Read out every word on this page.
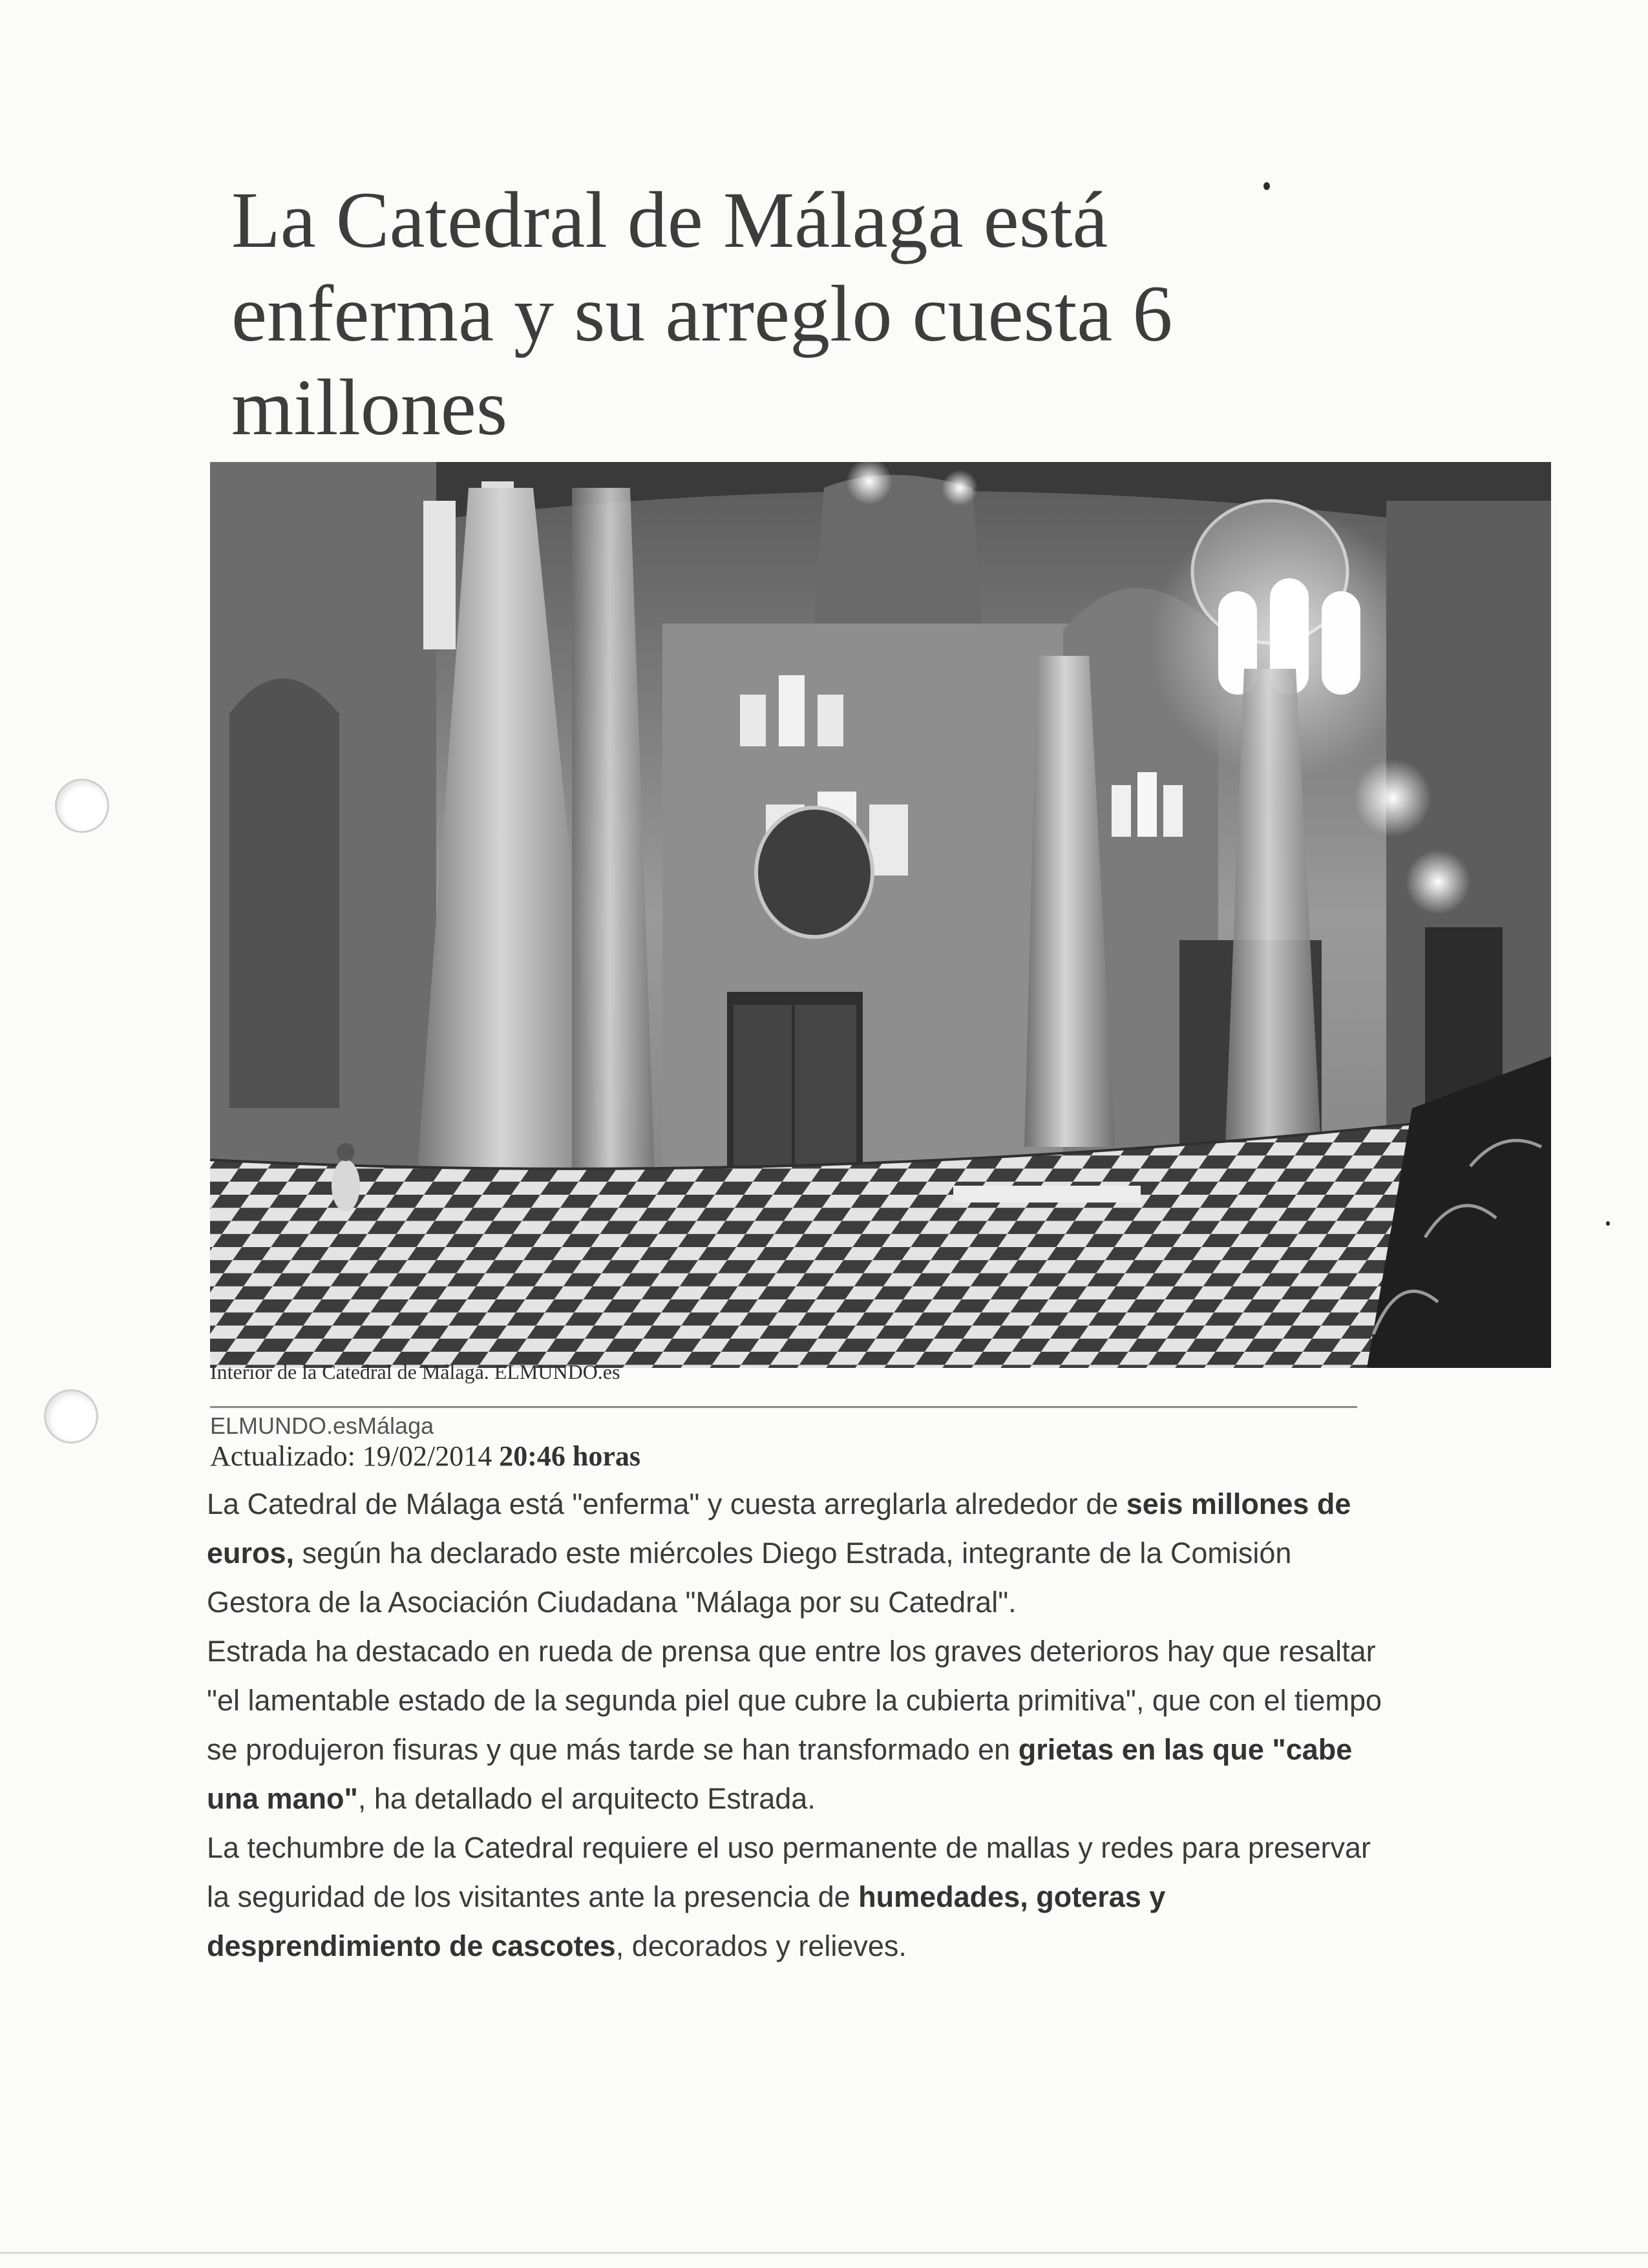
La Catedral de Málaga está enferma y su arreglo cuesta 6 millones
Interior de la Catedral de Málaga. ELMUNDO.es
ELMUNDO.esMálaga
Actualizado: 19/02/2014 20:46 horas

La Catedral de Málaga está "enferma" y cuesta arreglarla alrededor de seis millones de euros, según ha declarado este miércoles Diego Estrada, integrante de la Comisión Gestora de la Asociación Ciudadana "Málaga por su Catedral".

Estrada ha destacado en rueda de prensa que entre los graves deterioros hay que resaltar "el lamentable estado de la segunda piel que cubre la cubierta primitiva", que con el tiempo se produjeron fisuras y que más tarde se han transformado en grietas en las que "cabe una mano", ha detallado el arquitecto Estrada.

La techumbre de la Catedral requiere el uso permanente de mallas y redes para preservar la seguridad de los visitantes ante la presencia de humedades, goteras y desprendimiento de cascotes, decorados y relieves.
